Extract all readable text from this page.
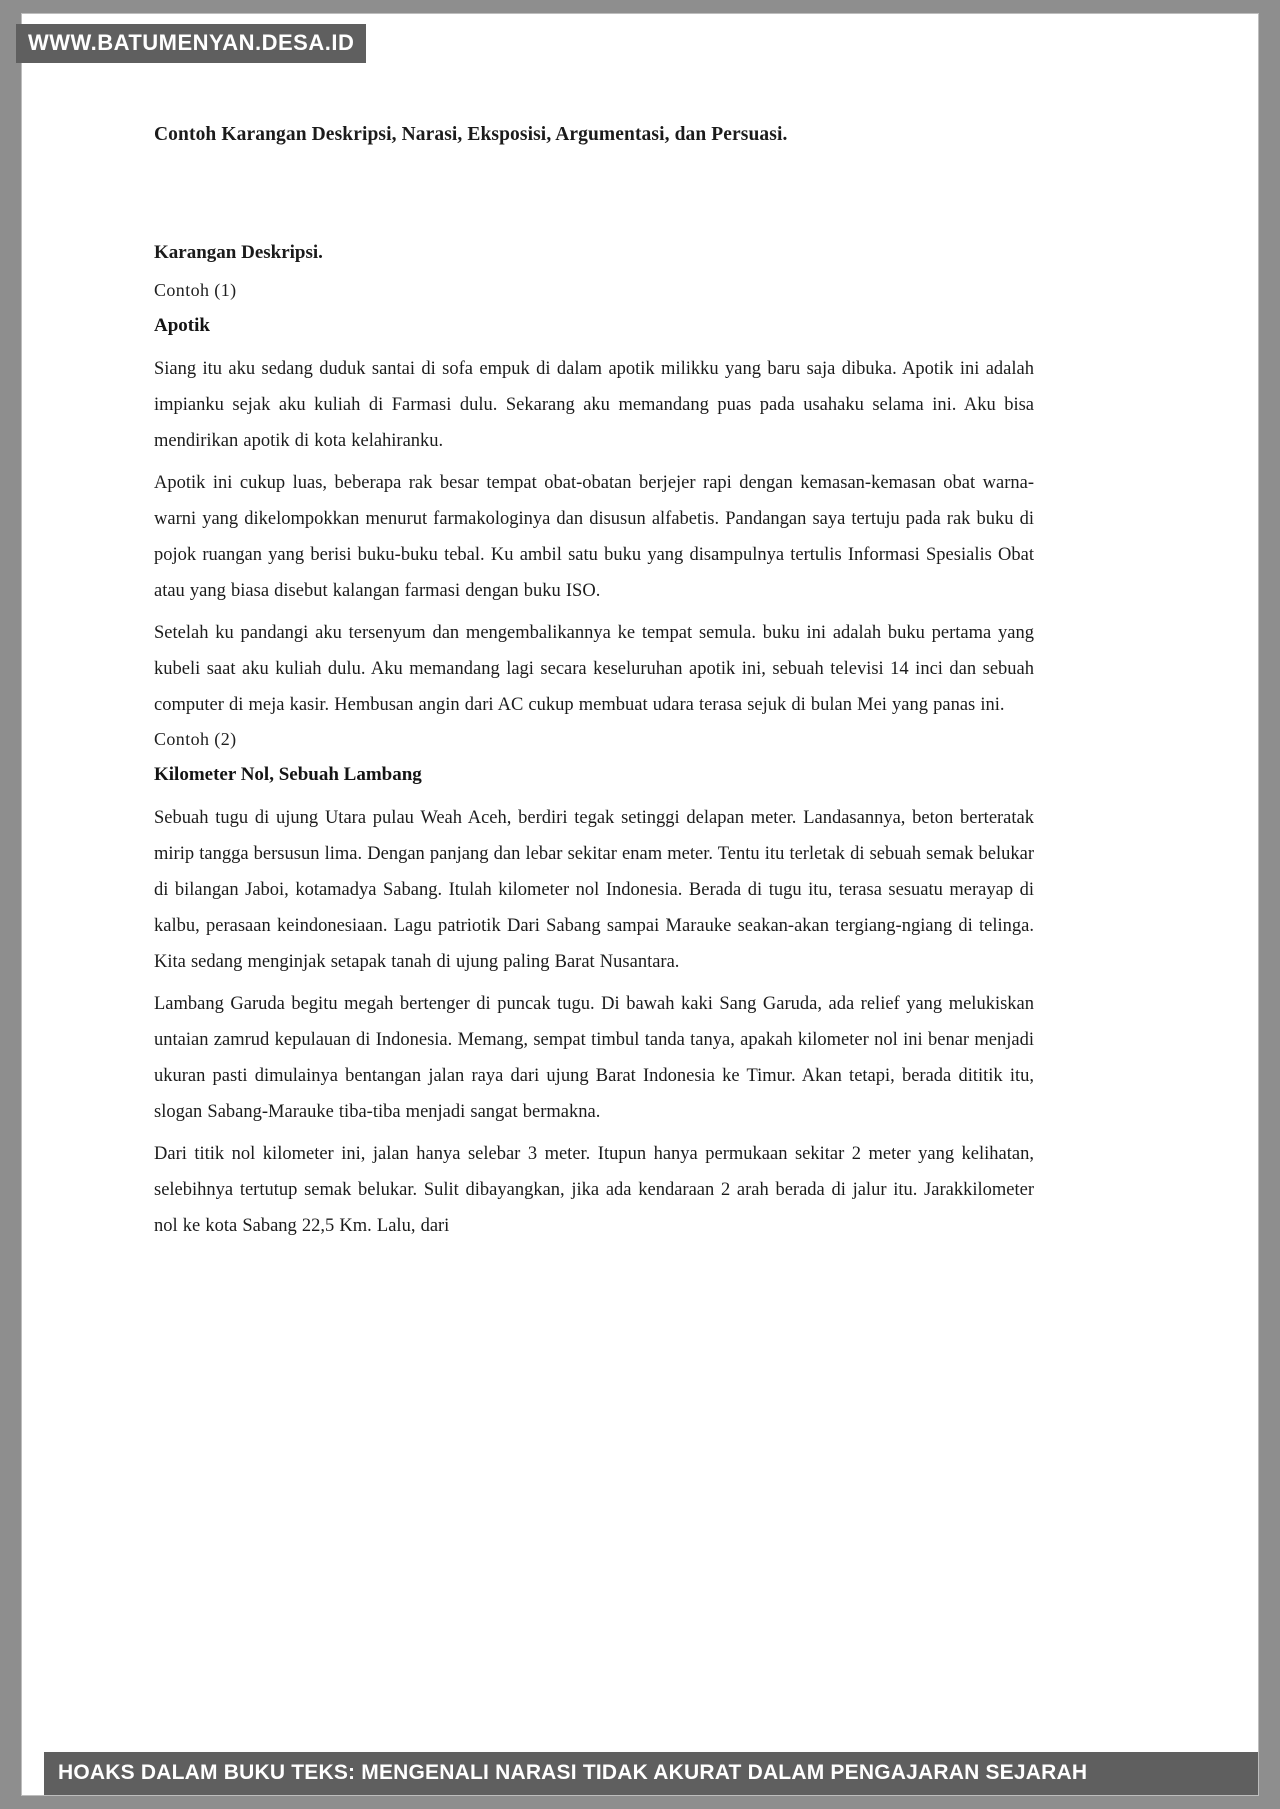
Contoh Karangan Deskripsi, Narasi, Eksposisi, Argumentasi, dan Persuasi.
Karangan Deskripsi.
Contoh (1)
Apotik

Siang itu aku sedang duduk santai di sofa empuk di dalam apotik milikku yang baru saja dibuka. Apotik ini adalah impianku sejak aku kuliah di Farmasi dulu. Sekarang aku memandang puas pada usahaku selama ini. Aku bisa mendirikan apotik di kota kelahiranku.

Apotik ini cukup luas, beberapa rak besar tempat obat-obatan berjejer rapi dengan kemasan-kemasan obat warna-warni yang dikelompokkan menurut farmakologinya dan disusun alfabetis. Pandangan saya tertuju pada rak buku di pojok ruangan yang berisi buku-buku tebal. Ku ambil satu buku yang disampulnya tertulis Informasi Spesialis Obat atau yang biasa disebut kalangan farmasi dengan buku ISO.

Setelah ku pandangi aku tersenyum dan mengembalikannya ke tempat semula. buku ini adalah buku pertama yang kubeli saat aku kuliah dulu. Aku memandang lagi secara keseluruhan apotik ini, sebuah televisi 14 inci dan sebuah computer di meja kasir. Hembusan angin dari AC cukup membuat udara terasa sejuk di bulan Mei yang panas ini.

Contoh (2)
Kilometer Nol, Sebuah Lambang

Sebuah tugu di ujung Utara pulau Weah Aceh, berdiri tegak setinggi delapan meter. Landasannya, beton berteratak mirip tangga bersusun lima. Dengan panjang dan lebar sekitar enam meter. Tentu itu terletak di sebuah semak belukar di bilangan Jaboi, kotamadya Sabang. Itulah kilometer nol Indonesia. Berada di tugu itu, terasa sesuatu merayap di kalbu, perasaan keindonesiaan. Lagu patriotik Dari Sabang sampai Marauke seakan-akan tergiang-ngiang di telinga. Kita sedang menginjak setapak tanah di ujung paling Barat Nusantara.

Lambang Garuda begitu megah bertenger di puncak tugu. Di bawah kaki Sang Garuda, ada relief yang melukiskan untaian zamrud kepulauan di Indonesia. Memang, sempat timbul tanda tanya, apakah kilometer nol ini benar menjadi ukuran pasti dimulainya bentangan jalan raya dari ujung Barat Indonesia ke Timur. Akan tetapi, berada dititik itu, slogan Sabang-Marauke tiba-tiba menjadi sangat bermakna.

Dari titik nol kilometer ini, jalan hanya selebar 3 meter. Itupun hanya permukaan sekitar 2 meter yang kelihatan, selebihnya tertutup semak belukar. Sulit dibayangkan, jika ada kendaraan 2 arah berada di jalur itu. Jarakkilometer nol ke kota Sabang 22,5 Km. Lalu, dari

WWW.BATUMENYAN.DESA.ID
HOAKS DALAM BUKU TEKS: MENGENALI NARASI TIDAK AKURAT DALAM PENGAJARAN SEJARAH
